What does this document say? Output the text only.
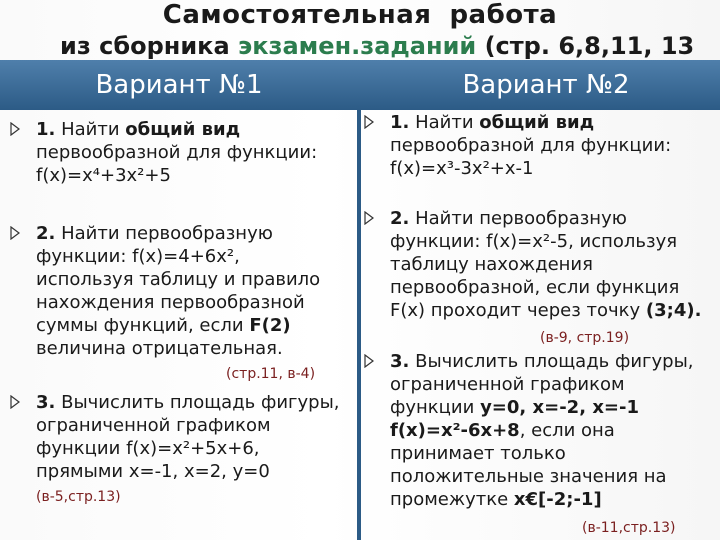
Самостоятельная работа
из сборника экзамен.заданий (стр. 6,8,11, 13
Вариант №1	Вариант №2
1. Найти общий вид
первообразной для функции:
f(x)=x⁴+3x²+5
2. Найти первообразную
функции: f(x)=4+6x²,
используя таблицу и правило
нахождения первообразной
суммы функций, если F(2)
величина отрицательная.
(стр.11, в-4)
3. Вычислить площадь фигуры,
ограниченной графиком
функции f(x)=x²+5x+6,
прямыми x=-1, x=2, y=0
(в-5,стр.13)
1. Найти общий вид
первообразной для функции:
f(x)=x³-3x²+x-1
2. Найти первообразную
функции: f(x)=x²-5, используя
таблицу нахождения
первообразной, если функция
F(x) проходит через точку (3;4).
(в-9, стр.19)
3. Вычислить площадь фигуры,
ограниченной графиком
функции y=0, x=-2, x=-1
f(x)=x²-6x+8, если она
принимает только
положительные значения на
промежутке x€[-2;-1]
(в-11,стр.13)
